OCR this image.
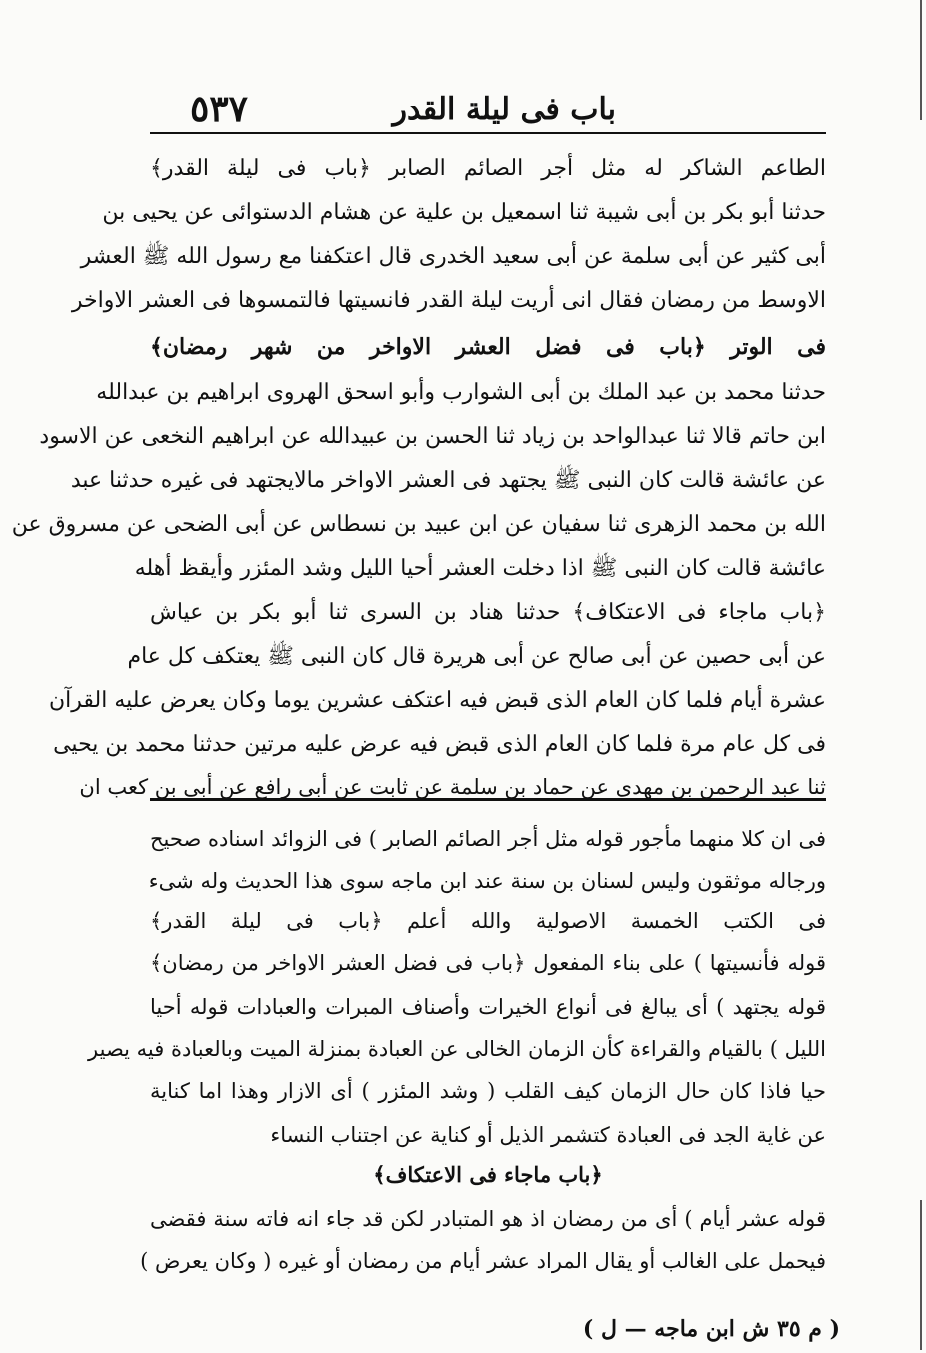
باب فى ليلة القدر
٥٣٧
الطاعم الشاكر له مثل أجر الصائم الصابر ﴿باب فى ليلة القدر﴾
حدثنا أبو بكر بن أبى شيبة ثنا اسمعيل بن علية عن هشام الدستوائى عن يحيى بن
أبى كثير عن أبى سلمة عن أبى سعيد الخدرى قال اعتكفنا مع رسول الله ﷺ العشر
الاوسط من رمضان فقال انى أريت ليلة القدر فانسيتها فالتمسوها فى العشر الاواخر
فى الوتر ﴿باب فى فضل العشر الاواخر من شهر رمضان﴾
حدثنا محمد بن عبد الملك بن أبى الشوارب وأبو اسحق الهروى ابراهيم بن عبدالله
ابن حاتم قالا ثنا عبدالواحد بن زياد ثنا الحسن بن عبيدالله عن ابراهيم النخعى عن الاسود
عن عائشة قالت كان النبى ﷺ يجتهد فى العشر الاواخر مالايجتهد فى غيره حدثنا عبد
الله بن محمد الزهرى ثنا سفيان عن ابن عبيد بن نسطاس عن أبى الضحى عن مسروق عن
عائشة قالت كان النبى ﷺ اذا دخلت العشر أحيا الليل وشد المئزر وأيقظ أهله
﴿باب ماجاء فى الاعتكاف﴾ حدثنا هناد بن السرى ثنا أبو بكر بن عياش
عن أبى حصين عن أبى صالح عن أبى هريرة قال كان النبى ﷺ يعتكف كل عام
عشرة أيام فلما كان العام الذى قبض فيه اعتكف عشرين يوما وكان يعرض عليه القرآن
فى كل عام مرة فلما كان العام الذى قبض فيه عرض عليه مرتين حدثنا محمد بن يحيى
ثنا عبد الرحمن بن مهدى عن حماد بن سلمة عن ثابت عن أبى رافع عن أبى بن كعب ان
فى ان كلا منهما مأجور قوله مثل أجر الصائم الصابر ) فى الزوائد اسناده صحيح
ورجاله موثقون وليس لسنان بن سنة عند ابن ماجه سوى هذا الحديث وله شىء
فى الكتب الخمسة الاصولية والله أعلم ﴿باب فى ليلة القدر﴾
قوله فأنسيتها ) على بناء المفعول ﴿باب فى فضل العشر الاواخر من رمضان﴾
قوله يجتهد ) أى يبالغ فى أنواع الخيرات وأصناف المبرات والعبادات قوله أحيا
الليل ) بالقيام والقراءة كأن الزمان الخالى عن العبادة بمنزلة الميت وبالعبادة فيه يصير
حيا فاذا كان حال الزمان كيف القلب ( وشد المئزر ) أى الازار وهذا اما كناية
عن غاية الجد فى العبادة كتشمر الذيل أو كناية عن اجتناب النساء
﴿باب ماجاء فى الاعتكاف﴾
قوله عشر أيام ) أى من رمضان اذ هو المتبادر لكن قد جاء انه فاته سنة فقضى
فيحمل على الغالب أو يقال المراد عشر أيام من رمضان أو غيره ( وكان يعرض )
( م ٣٥ ش ابن ماجه — ل )
